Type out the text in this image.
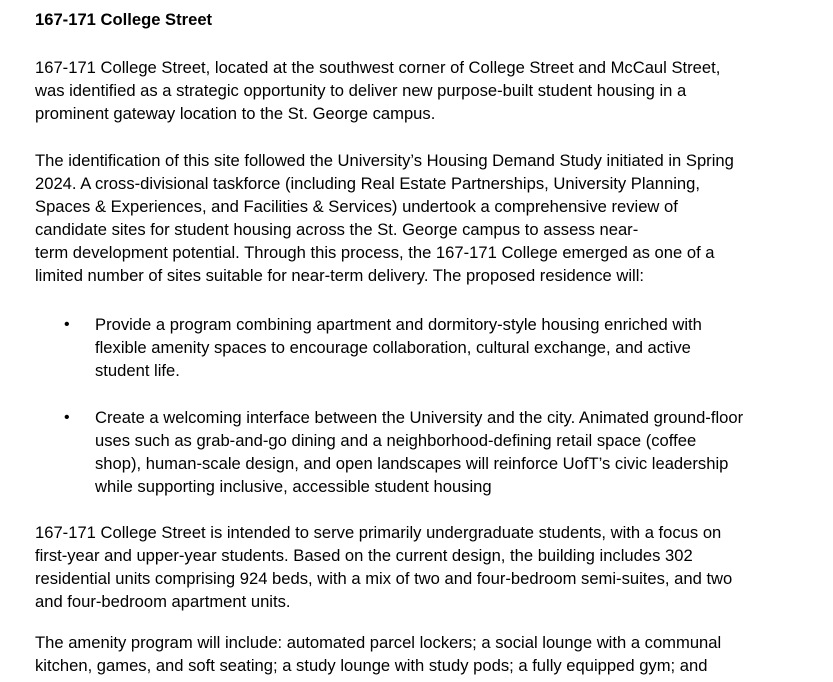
167-171 College Street

167-171 College Street, located at the southwest corner of College Street and McCaul Street,
was identified as a strategic opportunity to deliver new purpose-built student housing in a
prominent gateway location to the St. George campus.

The identification of this site followed the University’s Housing Demand Study initiated in Spring
2024. A cross-divisional taskforce (including Real Estate Partnerships, University Planning,
Spaces & Experiences, and Facilities & Services) undertook a comprehensive review of
candidate sites for student housing across the St. George campus to assess near-
term development potential. Through this process, the 167-171 College emerged as one of a
limited number of sites suitable for near-term delivery. The proposed residence will:

• Provide a program combining apartment and dormitory-style housing enriched with
flexible amenity spaces to encourage collaboration, cultural exchange, and active
student life.

• Create a welcoming interface between the University and the city. Animated ground-floor
uses such as grab-and-go dining and a neighborhood-defining retail space (coffee
shop), human-scale design, and open landscapes will reinforce UofT’s civic leadership
while supporting inclusive, accessible student housing

167-171 College Street is intended to serve primarily undergraduate students, with a focus on
first-year and upper-year students. Based on the current design, the building includes 302
residential units comprising 924 beds, with a mix of two and four-bedroom semi-suites, and two
and four-bedroom apartment units.

The amenity program will include: automated parcel lockers; a social lounge with a communal
kitchen, games, and soft seating; a study lounge with study pods; a fully equipped gym; and
